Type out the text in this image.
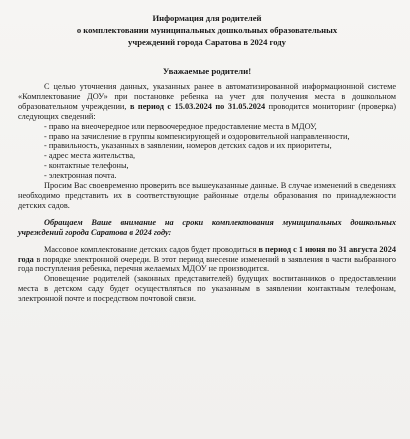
Информация для родителей
о комплектовании муниципальных дошкольных образовательных
учреждений города Саратова в 2024 году
Уважаемые родители!

С целью уточнения данных, указанных ранее в автоматизированной информационной системе «Комплектование ДОУ» при постановке ребенка на учет для получения места в дошкольном образовательном учреждении, в период с 15.03.2024 по 31.05.2024 проводится мониторинг (проверка) следующих сведений:

- право на внеочередное или первоочередное предоставление места в МДОУ,

- право на зачисление в группы компенсирующей и оздоровительной направленности,

- правильность, указанных в заявлении, номеров детских садов и их приоритеты,

- адрес места жительства,

- контактные телефоны,

- электронная почта.

Просим Вас своевременно проверить все вышеуказанные данные. В случае изменений в сведениях необходимо представить их в соответствующие районные отделы образования по принадлежности детских садов.

Обращаем Ваше внимание на сроки комплектования муниципальных дошкольных учреждений города Саратова в 2024 году:

Массовое комплектование детских садов будет проводиться в период с 1 июня по 31 августа 2024 года в порядке электронной очереди. В этот период внесение изменений в заявления в части выбранного года поступления ребенка, перечня желаемых МДОУ не производится.

Оповещение родителей (законных представителей) будущих воспитанников о предоставлении места в детском саду будет осуществляться по указанным в заявлении контактным телефонам, электронной почте и посредством почтовой связи.
